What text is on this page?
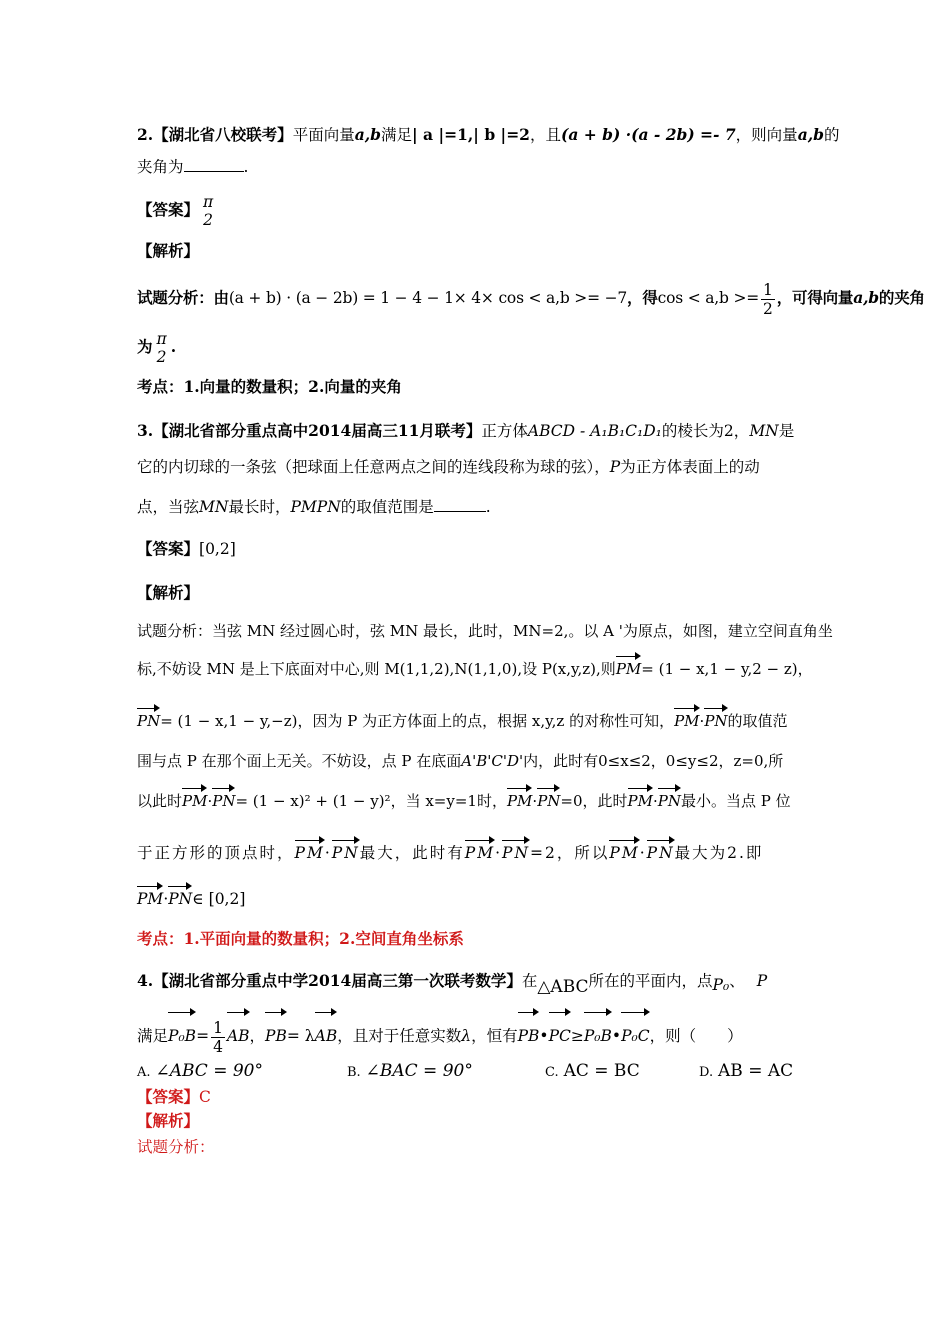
2.【湖北省八校联考】平面向量a,b满足| a |=1,| b |=2，且(a + b) ·(a - 2b) =- 7，则向量a,b的
夹角为	.
【答案】 π
2
【解析】
试题分析：由(a + b) · (a − 2b) = 1 − 4 − 1× 4× cos < a,b >= −7，得$\cos < a,b >= \frac{1}{2}$ ，可得向量a,b的夹角
为 π
2
.
考点：1.向量的数量积；2.向量的夹角
3.【湖北省部分重点高中2014届高三11月联考】正方体ABCD - A₁B₁C₁D₁的棱长为2，MN是
它的内切球的一条弦（把球面上任意两点之间的连线段称为球的弦），P为正方体表面上的动
点，当弦MN最长时，PM￼PN的取值范围是	.
【答案】[0,2]
【解析】
试题分析：当弦 MN 经过圆心时，弦 MN 最长，此时，MN=2,。以 A '为原点，如图，建立空间直角坐
标,不妨设 MN 是上下底面对中心,则 M(1,1,2),N(1,1,0),设 P(x,y,z),则PM= (1 − x,1 − y,2 − z)，
PN= (1 − x,1 − y,−z)，因为 P 为正方体面上的点，根据 x,y,z 的对称性可知，PM·PN的取值范
围与点 P 在那个面上无关。不妨设，点 P 在底面A'B'C'D'内，此时有0≤x≤2，0≤y≤2，z=0,所
以此时PM·PN= (1 − x)² + (1 − y)²，当 x=y=1时，PM·PN=0，此时PM·PN最小。当点 P 位
于正方形的顶点时，PM·PN最大，此时有PM·PN=2，所以PM·PN最大为2.即
PM·PN∈ [0,2]
考点：1.平面向量的数量积；2.空间直角坐标系
4.【湖北省部分重点中学2014届高三第一次联考数学】在△ABC所在的平面内，点P₀、 P
满足$P_0B= \frac{1}{4}$ AB，PB= λAB，且对于任意实数λ，恒有PB•PC≥P₀B•P₀C，则（　　）
A. ∠ABC = 90°	B. ∠BAC = 90°	C. AC = BC	D. AB = AC
【答案】C
【解析】
试题分析：
